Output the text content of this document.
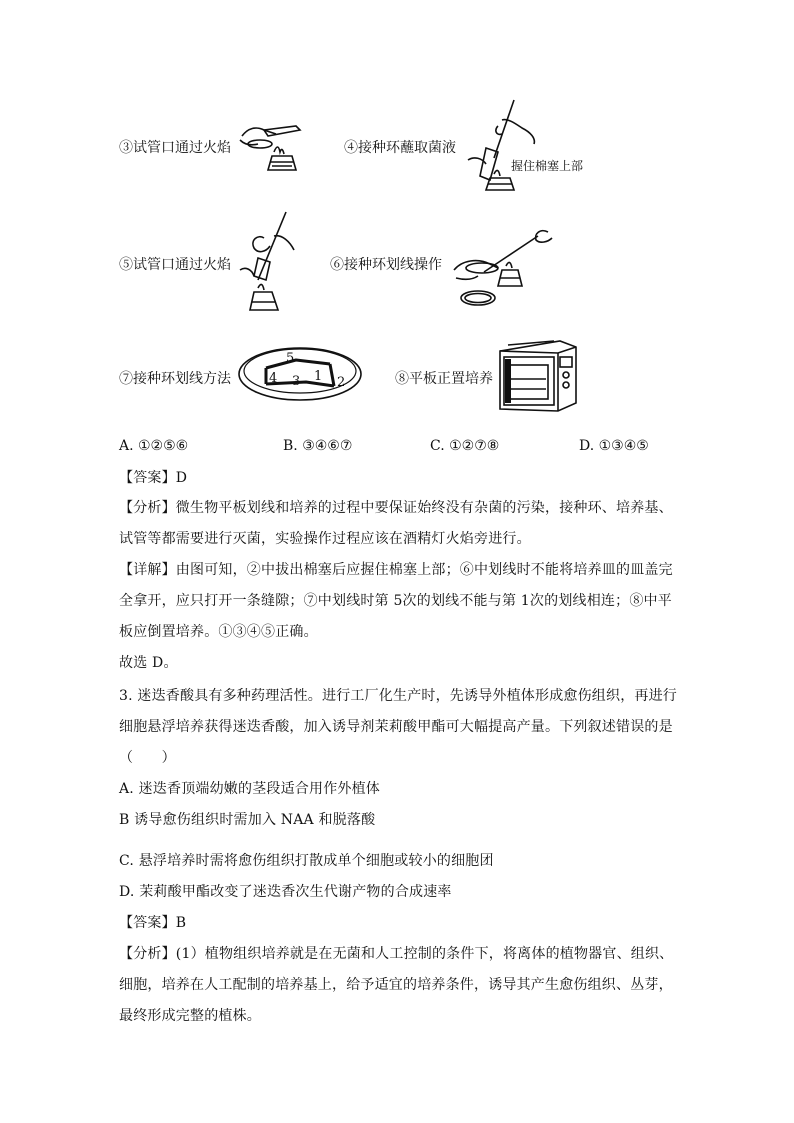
③试管口通过火焰	④接种环蘸取菌液
握住棉塞上部
⑤试管口通过火焰	⑥接种环划线操作
⑦接种环划线方法
5
1 2
3
4	⑧平板正置培养
A. ①②⑤⑥	B. ③④⑥⑦	C. ①②⑦⑧	D. ①③④⑤
【答案】D
【分析】微生物平板划线和培养的过程中要保证始终没有杂菌的污染，接种环、培养基、
试管等都需要进行灭菌，实验操作过程应该在酒精灯火焰旁进行。
【详解】由图可知，②中拔出棉塞后应握住棉塞上部；⑥中划线时不能将培养皿的皿盖完
全拿开，应只打开一条缝隙；⑦中划线时第 5次的划线不能与第 1次的划线相连；⑧中平
板应倒置培养。①③④⑤正确。
故选 D。
3. 迷迭香酸具有多种药理活性。进行工厂化生产时，先诱导外植体形成愈伤组织，再进行
细胞悬浮培养获得迷迭香酸，加入诱导剂茉莉酸甲酯可大幅提高产量。下列叙述错误的是
（　　）
A. 迷迭香顶端幼嫩的茎段适合用作外植体
B 诱导愈伤组织时需加入 NAA 和脱落酸
C. 悬浮培养时需将愈伤组织打散成单个细胞或较小的细胞团
D. 茉莉酸甲酯改变了迷迭香次生代谢产物的合成速率
【答案】B
【分析】(1）植物组织培养就是在无菌和人工控制的条件下，将离体的植物器官、组织、
细胞，培养在人工配制的培养基上，给予适宜的培养条件，诱导其产生愈伤组织、丛芽，
最终形成完整的植株。
